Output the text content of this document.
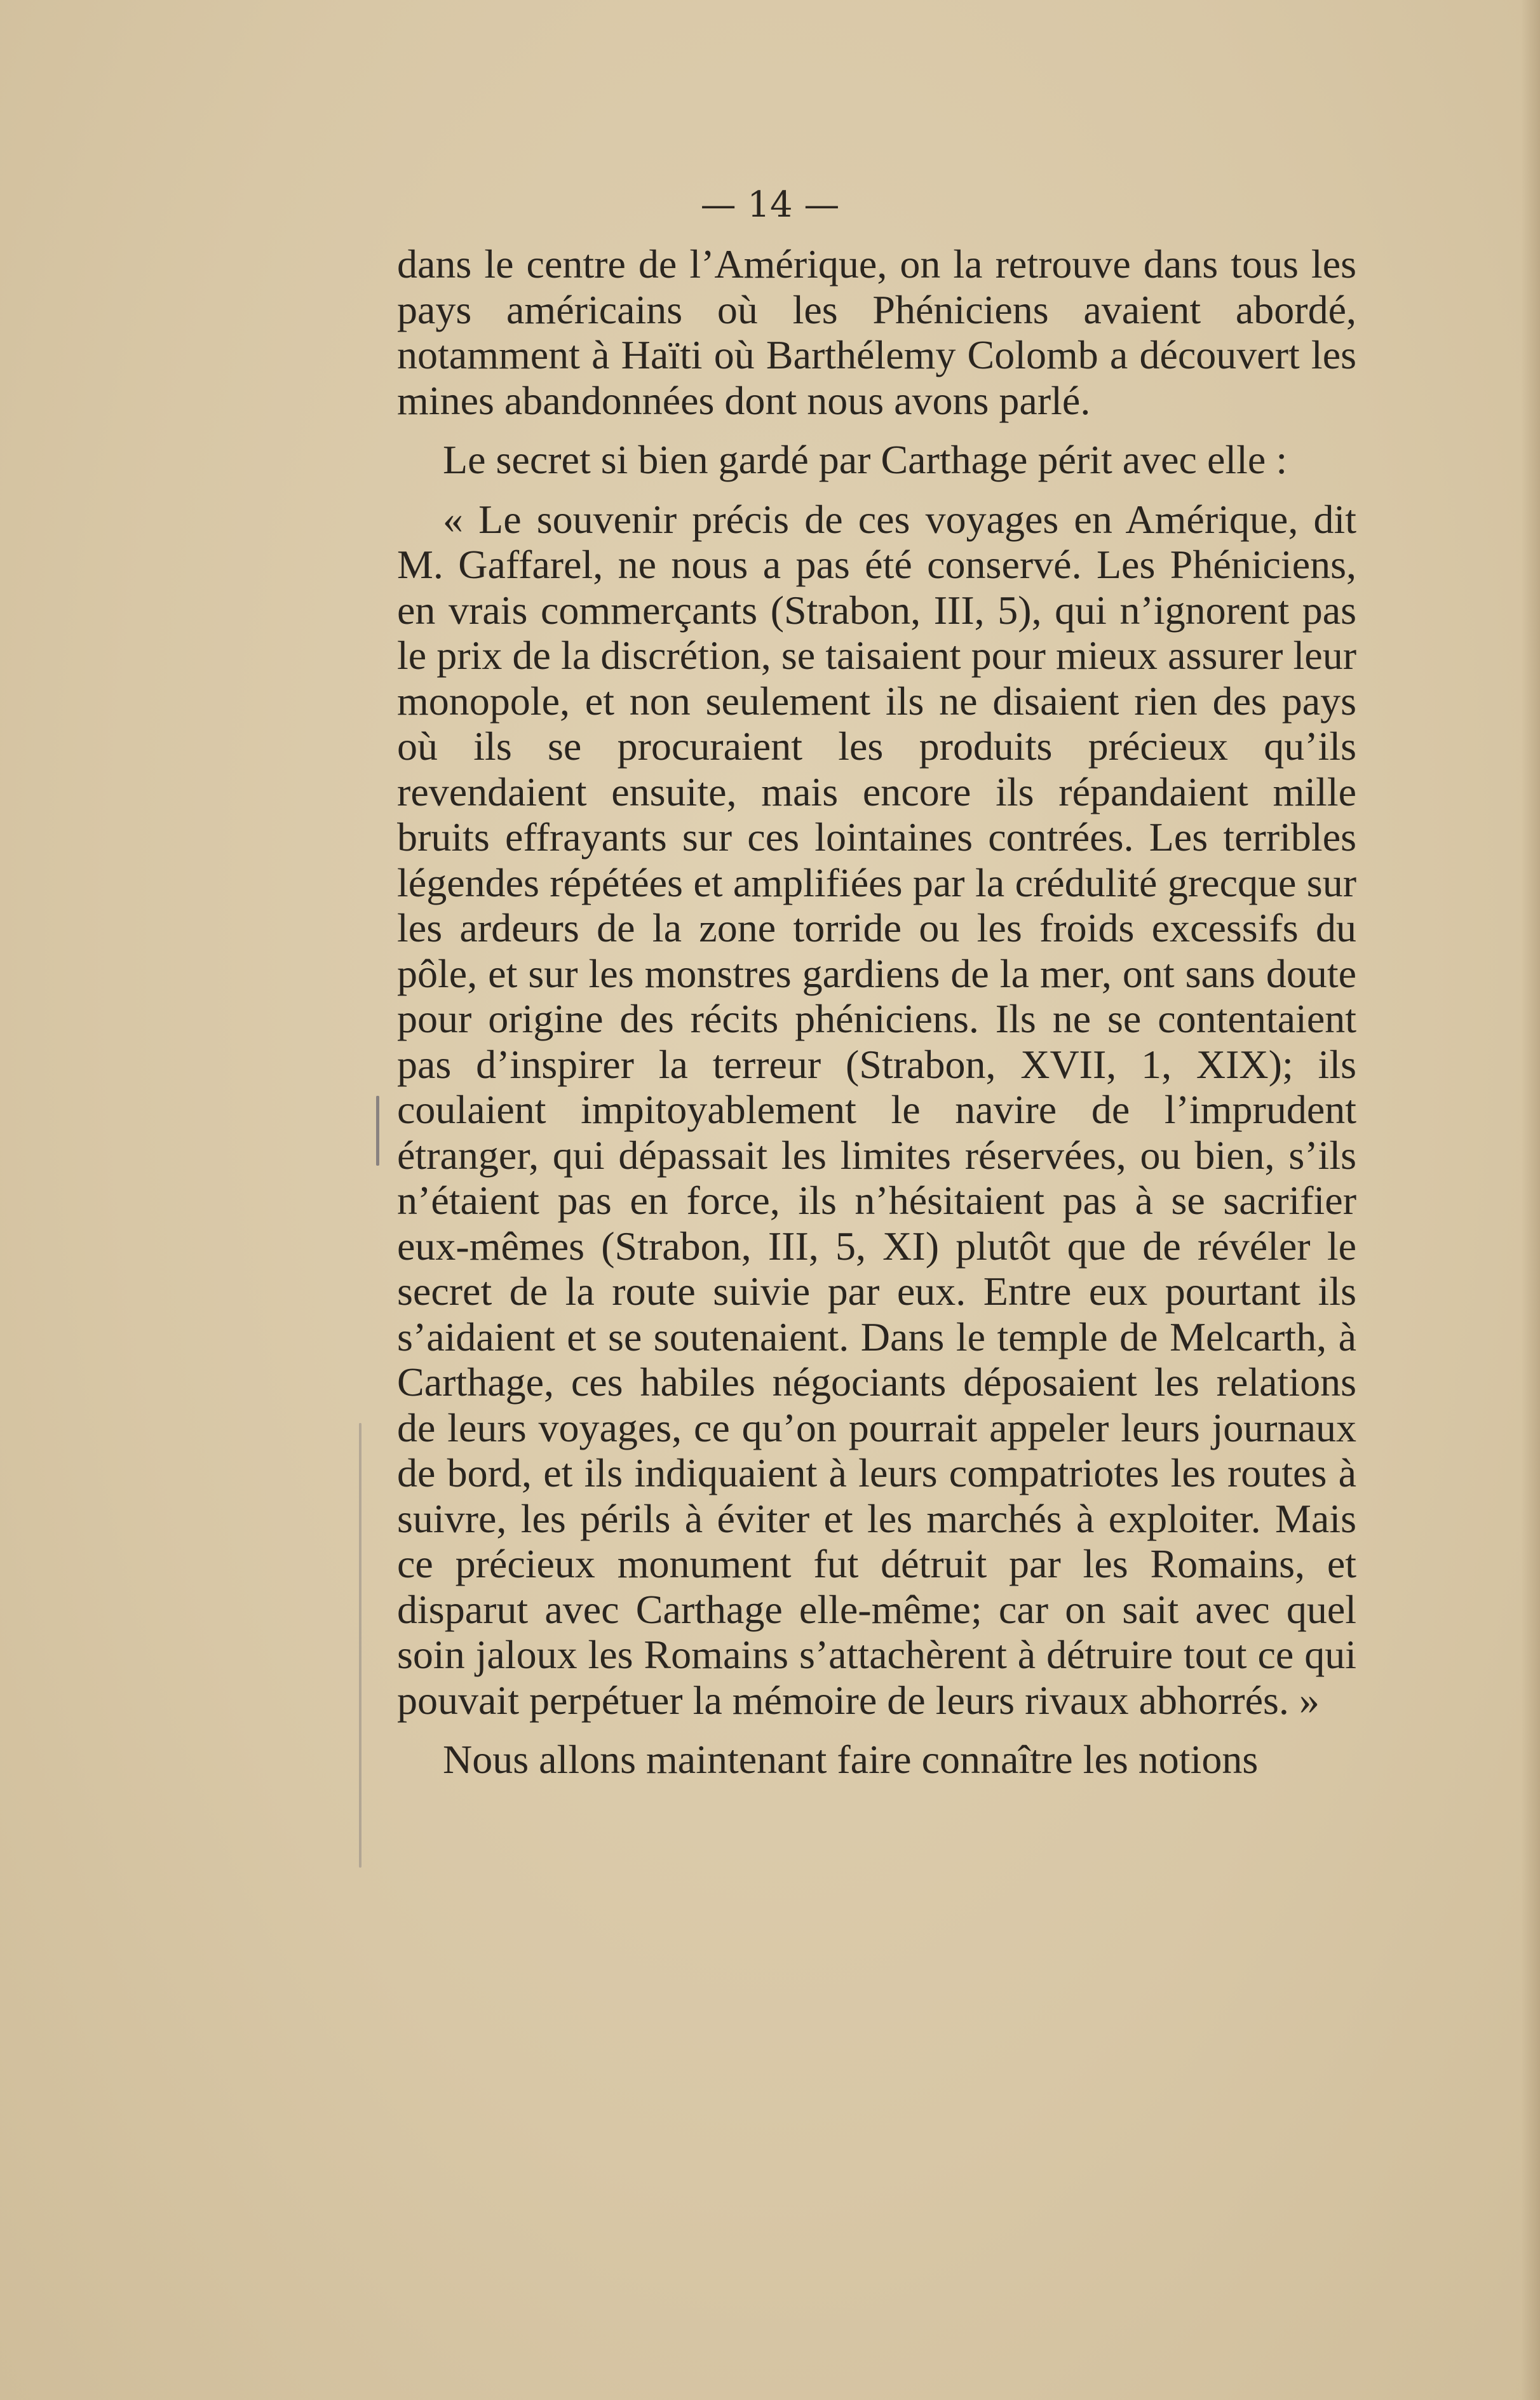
— 14 —

dans le centre de l’Amérique, on la retrouve dans tous les pays américains où les Phéniciens avaient abordé, notamment à Haïti où Barthélemy Colomb a découvert les mines abandonnées dont nous avons parlé.

Le secret si bien gardé par Carthage périt avec elle :

« Le souvenir précis de ces voyages en Amérique, dit M. Gaffarel, ne nous a pas été conservé. Les Phéniciens, en vrais commerçants (Strabon, III, 5), qui n’ignorent pas le prix de la discrétion, se taisaient pour mieux assurer leur monopole, et non seulement ils ne disaient rien des pays où ils se procuraient les produits précieux qu’ils revendaient ensuite, mais encore ils répandaient mille bruits effrayants sur ces lointaines contrées. Les terribles légendes répétées et amplifiées par la crédulité grecque sur les ardeurs de la zone torride ou les froids excessifs du pôle, et sur les monstres gardiens de la mer, ont sans doute pour origine des récits phéniciens. Ils ne se contentaient pas d’inspirer la terreur (Strabon, XVII, 1, XIX); ils coulaient impitoyablement le navire de l’imprudent étranger, qui dépassait les limites réservées, ou bien, s’ils n’étaient pas en force, ils n’hésitaient pas à se sacrifier eux-mêmes (Strabon, III, 5, XI) plutôt que de révéler le secret de la route suivie par eux. Entre eux pourtant ils s’aidaient et se soutenaient. Dans le temple de Melcarth, à Carthage, ces habiles négociants déposaient les relations de leurs voyages, ce qu’on pourrait appeler leurs journaux de bord, et ils indiquaient à leurs compatriotes les routes à suivre, les périls à éviter et les marchés à exploiter. Mais ce précieux monument fut détruit par les Romains, et disparut avec Carthage elle-même; car on sait avec quel soin jaloux les Romains s’attachèrent à détruire tout ce qui pouvait perpétuer la mémoire de leurs rivaux abhorrés. »

Nous allons maintenant faire connaître les notions
